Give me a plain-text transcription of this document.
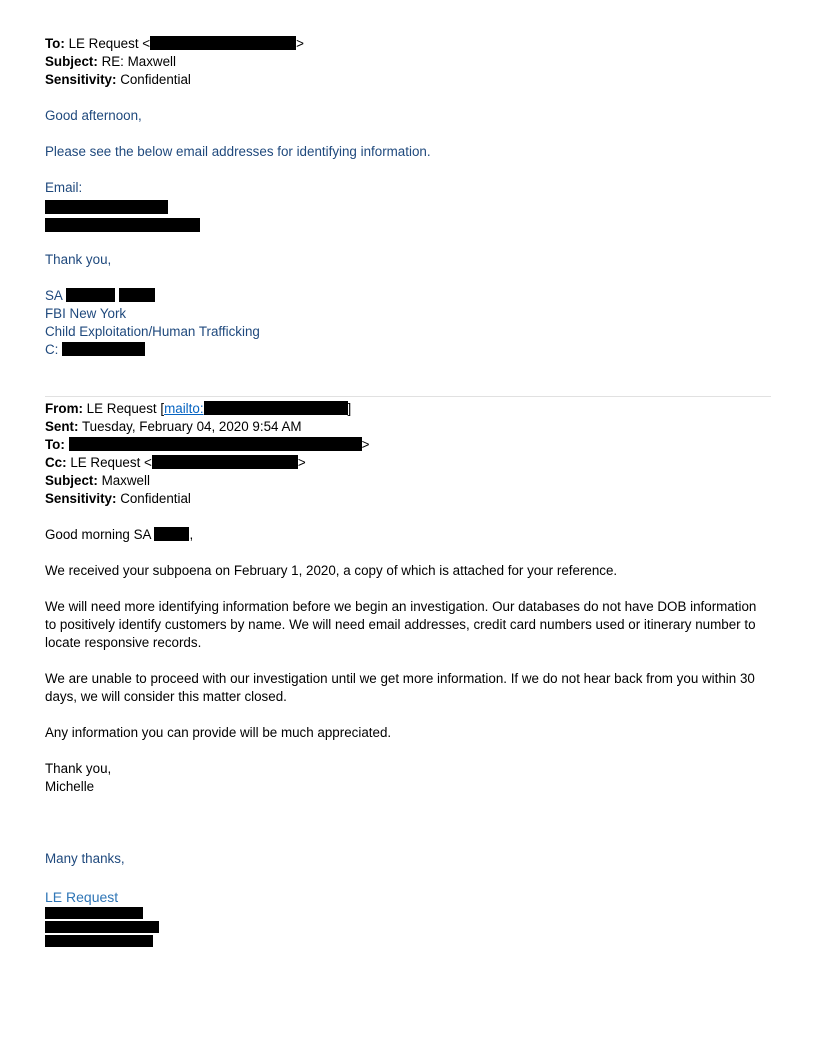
To: LE Request <	>
Subject: RE: Maxwell
Sensitivity: Confidential
Good afternoon,
Please see the below email addresses for identifying information.
Email:
Thank you,
SA
FBI New York
Child Exploitation/Human Trafficking
C:
From: LE Request [mailto:	]
Sent: Tuesday, February 04, 2020 9:54 AM
To:	>
Cc: LE Request <	>
Subject: Maxwell
Sensitivity: Confidential
Good morning SA	,
We received your subpoena on February 1, 2020, a copy of which is attached for your reference.
We will need more identifying information before we begin an investigation. Our databases do not have DOB information to positively identify customers by name. We will need email addresses, credit card numbers used or itinerary number to locate responsive records.
We are unable to proceed with our investigation until we get more information. If we do not hear back from you within 30 days, we will consider this matter closed.
Any information you can provide will be much appreciated.
Thank you,
Michelle
Many thanks,
LE Request
